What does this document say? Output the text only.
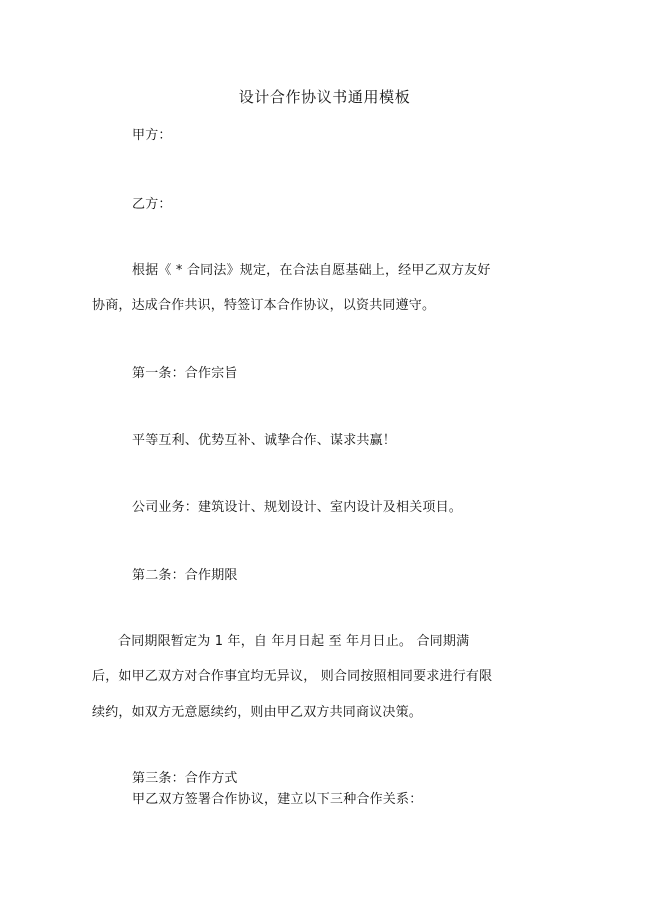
设计合作协议书通用模板
甲方：
乙方：
根据《 * 合同法》规定，在合法自愿基础上，经甲乙双方友好
协商，达成合作共识，特签订本合作协议，以资共同遵守。
第一条：合作宗旨
平等互利、优势互补、诚挚合作、谋求共赢！
公司业务：建筑设计、规划设计、室内设计及相关项目。
第二条：合作期限
合同期限暂定为 1 年，自 年月日起 至 年月日止。 合同期满
后，如甲乙双方对合作事宜均无异议， 则合同按照相同要求进行有限
续约，如双方无意愿续约，则由甲乙双方共同商议决策。
第三条：合作方式
甲乙双方签署合作协议，建立以下三种合作关系：
